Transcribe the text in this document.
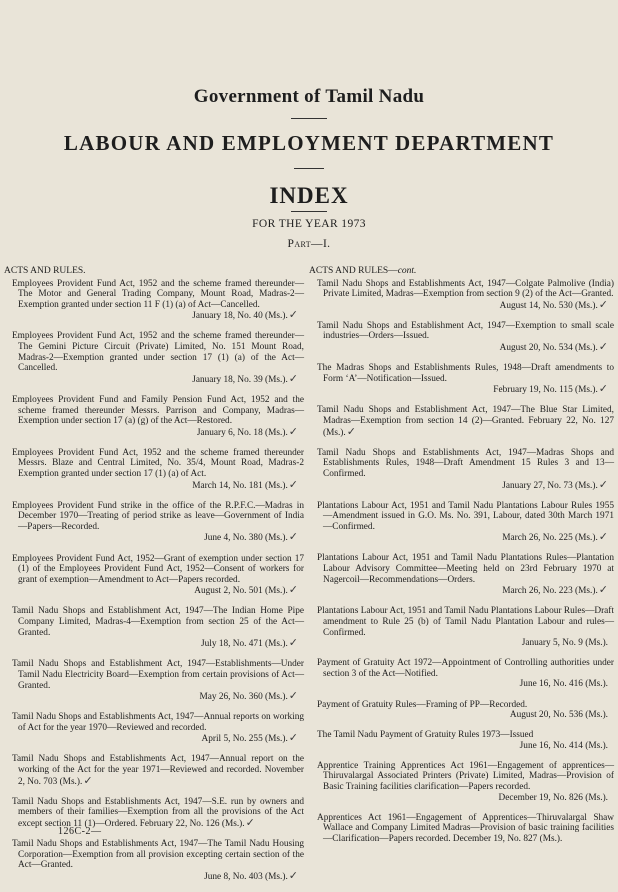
Government of Tamil Nadu
LABOUR AND EMPLOYMENT DEPARTMENT
INDEX
FOR THE YEAR 1973
Part—I.
ACTS AND RULES.
Employees Provident Fund Act, 1952 and the scheme framed thereunder—The Motor and General Trading Company, Mount Road, Madras-2—Exemption granted under section 11 F (1) (a) of Act—Cancelled.
January 18, No. 40 (Ms.).✓
Employees Provident Fund Act, 1952 and the scheme framed thereunder—The Gemini Picture Circuit (Private) Limited, No. 151 Mount Road, Madras-2—Exemption granted under section 17 (1) (a) of the Act—Cancelled.
January 18, No. 39 (Ms.).✓
Employees Provident Fund and Family Pension Fund Act, 1952 and the scheme framed thereunder Messrs. Parrison and Company, Madras—Exemption under section 17 (a) (g) of the Act—Restored.
January 6, No. 18 (Ms.).✓
Employees Provident Fund Act, 1952 and the scheme framed thereunder Messrs. Blaze and Central Limited, No. 35/4, Mount Road, Madras-2 Exemption granted under section 17 (1) (a) of Act.
March 14, No. 181 (Ms.).✓
Employees Provident Fund strike in the office of the R.P.F.C.—Madras in December 1970—Treating of period strike as leave—Government of India—Papers—Recorded.
June 4, No. 380 (Ms.).✓
Employees Provident Fund Act, 1952—Grant of exemption under section 17 (1) of the Employees Provident Fund Act, 1952—Consent of workers for grant of exemption—Amendment to Act—Papers recorded.
August 2, No. 501 (Ms.).✓
Tamil Nadu Shops and Establishment Act, 1947—The Indian Home Pipe Company Limited, Madras-4—Exemption from section 25 of the Act—Granted.
July 18, No. 471 (Ms.).✓
Tamil Nadu Shops and Establishment Act, 1947—Establishments—Under Tamil Nadu Electricity Board—Exemption from certain provisions of Act—Granted.
May 26, No. 360 (Ms.).✓
Tamil Nadu Shops and Establishments Act, 1947—Annual reports on working of Act for the year 1970—Reviewed and recorded.
April 5, No. 255 (Ms.).✓
Tamil Nadu Shops and Establishments Act, 1947—Annual report on the working of the Act for the year 1971—Reviewed and recorded. November 2, No. 703 (Ms.).✓
Tamil Nadu Shops and Establishments Act, 1947—S.E. run by owners and members of their families—Exemption from all the provisions of the Act except section 11 (1)—Ordered. February 22, No. 126 (Ms.).✓
Tamil Nadu Shops and Establishments Act, 1947—The Tamil Nadu Housing Corporation—Exemption from all provision excepting certain section of the Act—Granted.
June 8, No. 403 (Ms.).✓
126C-2—
ACTS AND RULES—cont.
Tamil Nadu Shops and Establishments Act, 1947—Colgate Palmolive (India) Private Limited, Madras—Exemption from section 9 (2) of the Act—Granted.
August 14, No. 530 (Ms.).✓
Tamil Nadu Shops and Establishment Act, 1947—Exemption to small scale industries—Orders—Issued.
August 20, No. 534 (Ms.).✓
The Madras Shops and Establishments Rules, 1948—Draft amendments to Form ‘A’—Notification—Issued.
February 19, No. 115 (Ms.).✓
Tamil Nadu Shops and Establishment Act, 1947—The Blue Star Limited, Madras—Exemption from section 14 (2)—Granted. February 22, No. 127 (Ms.).✓
Tamil Nadu Shops and Establishments Act, 1947—Madras Shops and Establishments Rules, 1948—Draft Amendment 15 Rules 3 and 13—Confirmed.
January 27, No. 73 (Ms.).✓
Plantations Labour Act, 1951 and Tamil Nadu Plantations Labour Rules 1955—Amendment issued in G.O. Ms. No. 391, Labour, dated 30th March 1971—Confirmed.
March 26, No. 225 (Ms.).✓
Plantations Labour Act, 1951 and Tamil Nadu Plantations Rules—Plantation Labour Advisory Committee—Meeting held on 23rd February 1970 at Nagercoil—Recommendations—Orders.
March 26, No. 223 (Ms.).✓
Plantations Labour Act, 1951 and Tamil Nadu Plantations Labour Rules—Draft amendment to Rule 25 (b) of Tamil Nadu Plantation Labour and rules—Confirmed.
January 5, No. 9 (Ms.).
Payment of Gratuity Act 1972—Appointment of Controlling authorities under section 3 of the Act—Notified.
June 16, No. 416 (Ms.).
Payment of Gratuity Rules—Framing of PP—Recorded.
August 20, No. 536 (Ms.).
The Tamil Nadu Payment of Gratuity Rules 1973—Issued
June 16, No. 414 (Ms.).
Apprentice Training Apprentices Act 1961—Engagement of apprentices—Thiruvalargal Associated Printers (Private) Limited, Madras—Provision of Basic Training facilities clarification—Papers recorded.
December 19, No. 826 (Ms.).
Apprentices Act 1961—Engagement of Apprentices—Thiruvalargal Shaw Wallace and Company Limited Madras—Provision of basic training facilities—Clarification—Papers recorded. December 19, No. 827 (Ms.).
